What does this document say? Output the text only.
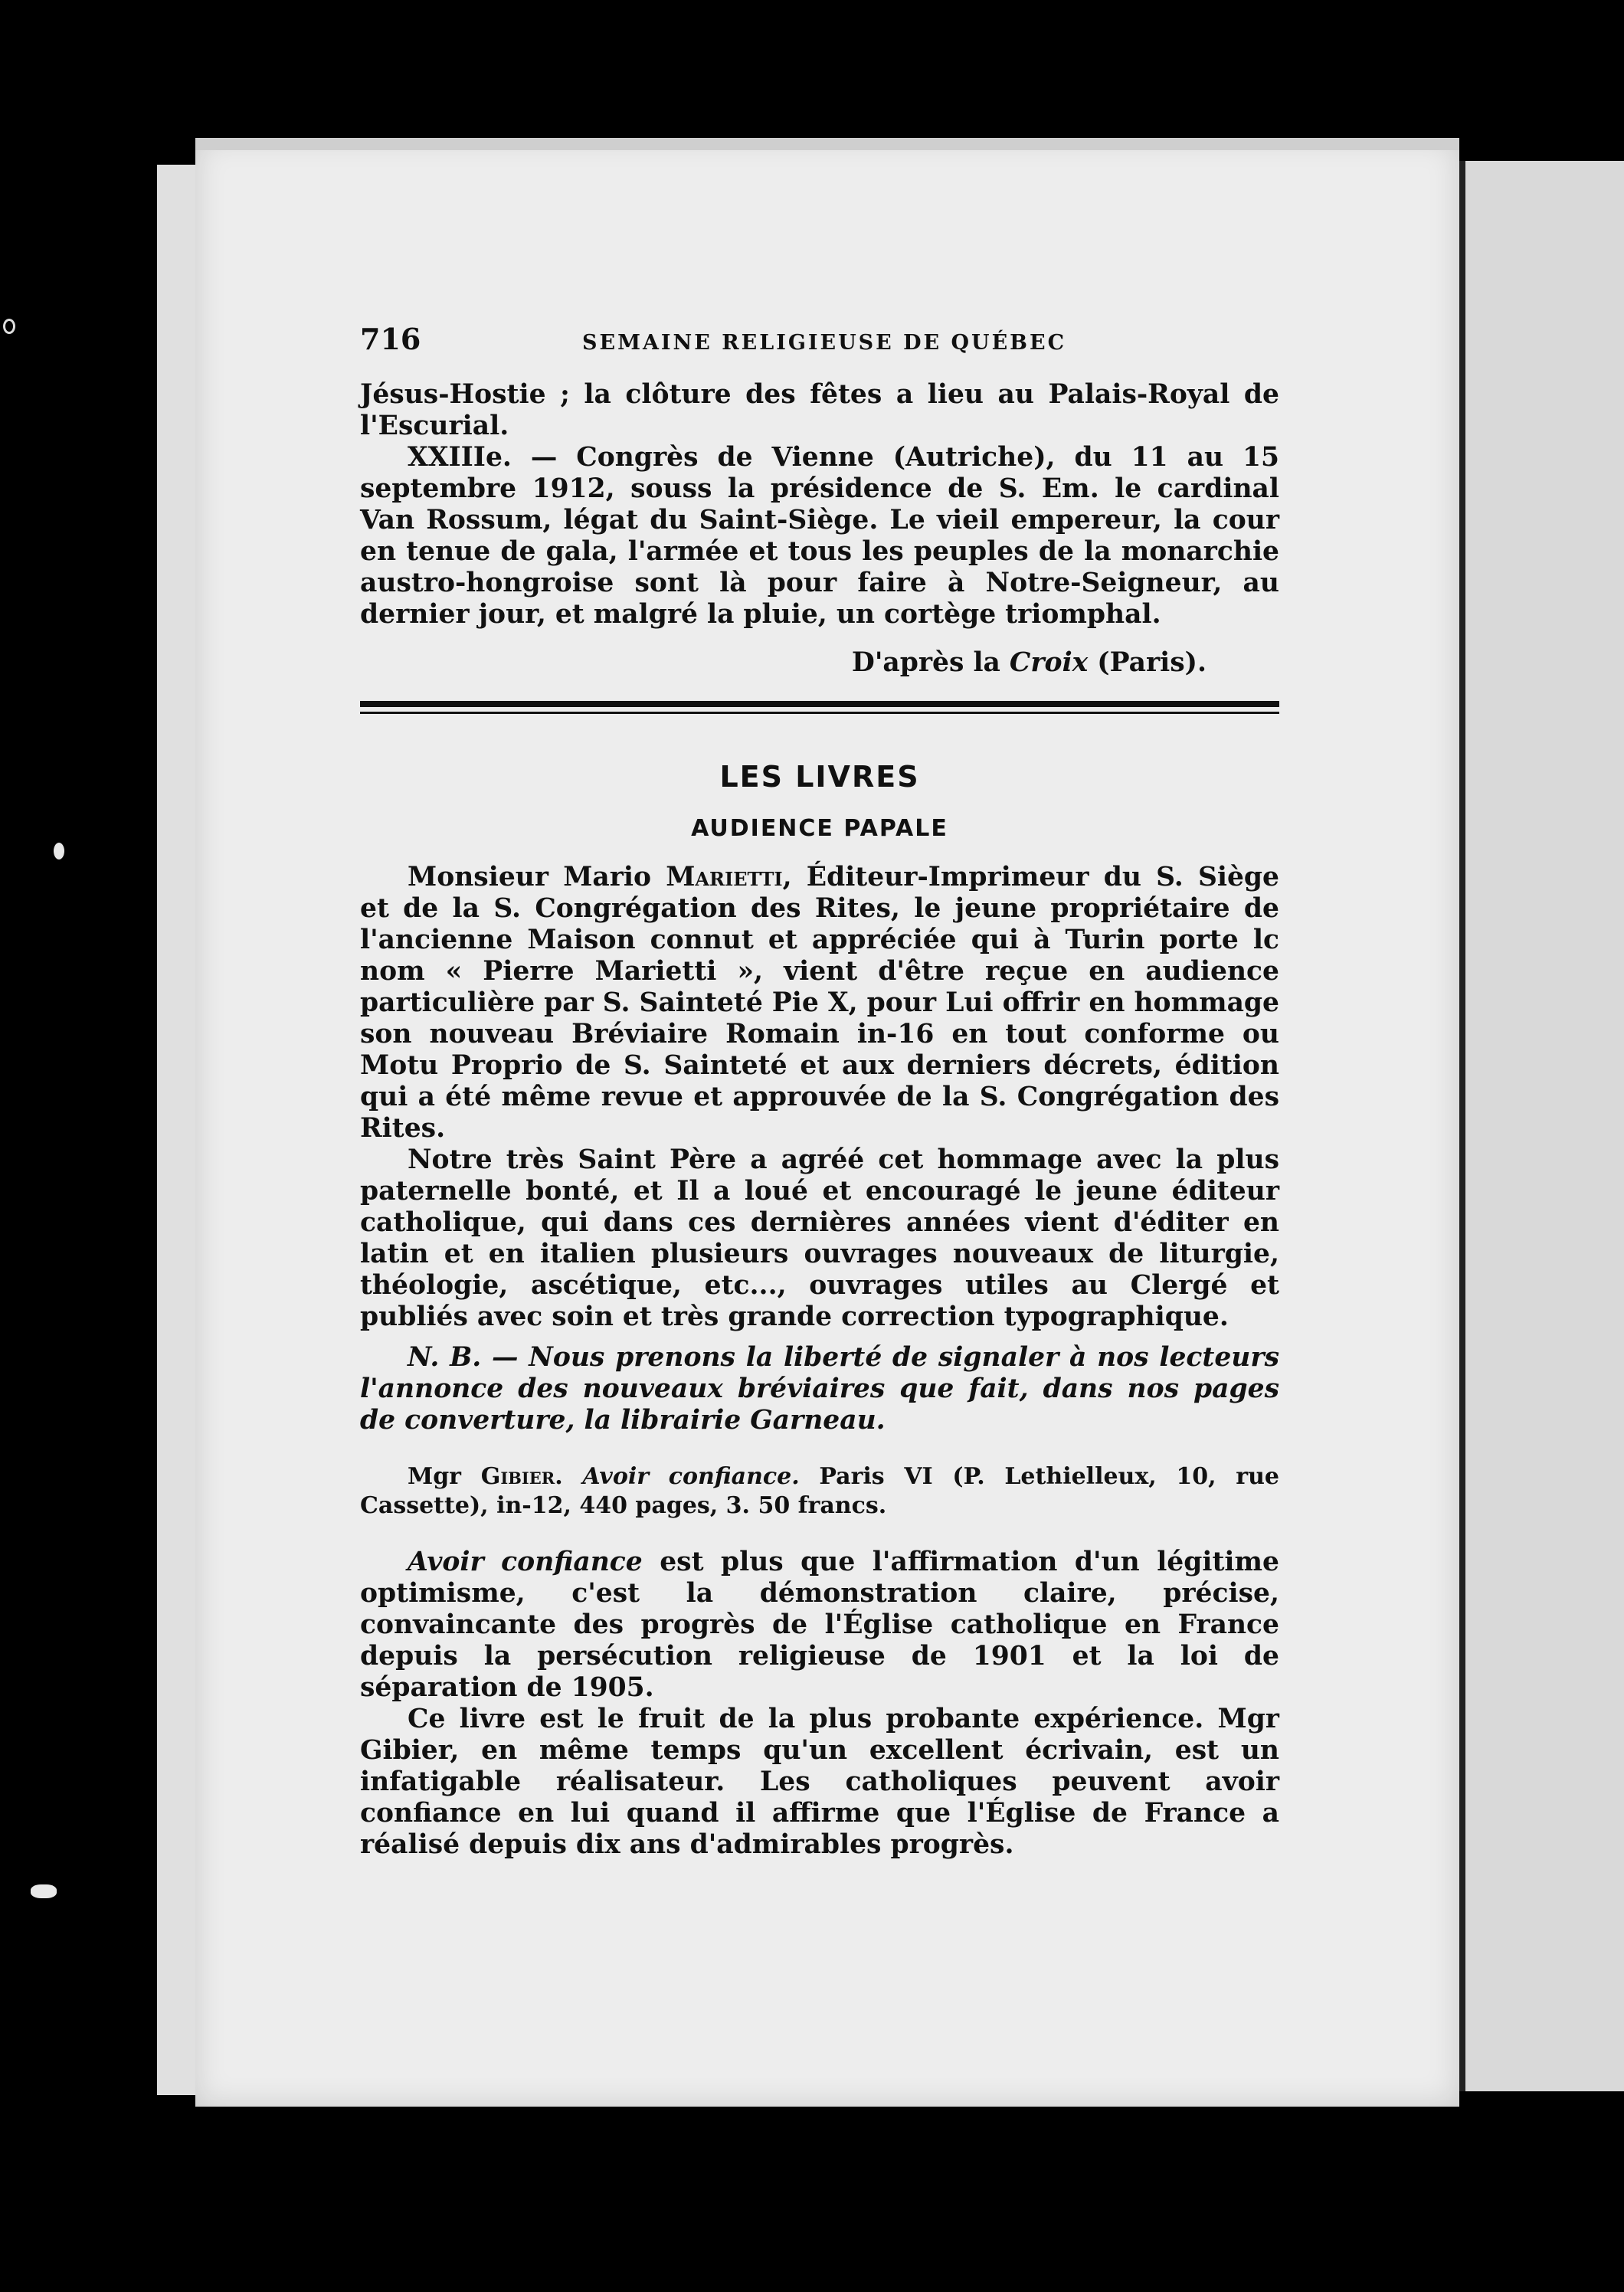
716	SEMAINE RELIGIEUSE DE QUÉBEC

Jésus-Hostie ; la clôture des fêtes a lieu au Palais-Royal de l'Escurial.

XXIIIe. — Congrès de Vienne (Autriche), du 11 au 15 septembre 1912, souss la présidence de S. Em. le cardinal Van Rossum, légat du Saint-Siège. Le vieil empereur, la cour en tenue de gala, l'armée et tous les peuples de la monarchie austro-hongroise sont là pour faire à Notre-Seigneur, au dernier jour, et malgré la pluie, un cortège triomphal.

D'après la Croix (Paris).
LES LIVRES
AUDIENCE PAPALE

Monsieur Mario Marietti, Éditeur-Imprimeur du S. Siège et de la S. Congrégation des Rites, le jeune propriétaire de l'ancienne Maison connut et appréciée qui à Turin porte lc nom « Pierre Marietti », vient d'être reçue en audience particulière par S. Sainteté Pie X, pour Lui offrir en hommage son nouveau Bréviaire Romain in-16 en tout conforme ou Motu Proprio de S. Sainteté et aux derniers décrets, édition qui a été même revue et approuvée de la S. Congrégation des Rites.

Notre très Saint Père a agréé cet hommage avec la plus paternelle bonté, et Il a loué et encouragé le jeune éditeur catholique, qui dans ces dernières années vient d'éditer en latin et en italien plusieurs ouvrages nouveaux de liturgie, théologie, ascétique, etc..., ouvrages utiles au Clergé et publiés avec soin et très grande correction typographique.

N. B. — Nous prenons la liberté de signaler à nos lecteurs l'annonce des nouveaux bréviaires que fait, dans nos pages de converture, la librairie Garneau.

Mgr Gibier. Avoir confiance. Paris VI (P. Lethielleux, 10, rue Cassette), in-12, 440 pages, 3. 50 francs.

Avoir confiance est plus que l'affirmation d'un légitime optimisme, c'est la démonstration claire, précise, convaincante des progrès de l'Église catholique en France depuis la persécution religieuse de 1901 et la loi de séparation de 1905.

Ce livre est le fruit de la plus probante expérience. Mgr Gibier, en même temps qu'un excellent écrivain, est un infatigable réalisateur. Les catholiques peuvent avoir confiance en lui quand il affirme que l'Église de France a réalisé depuis dix ans d'admirables progrès.
